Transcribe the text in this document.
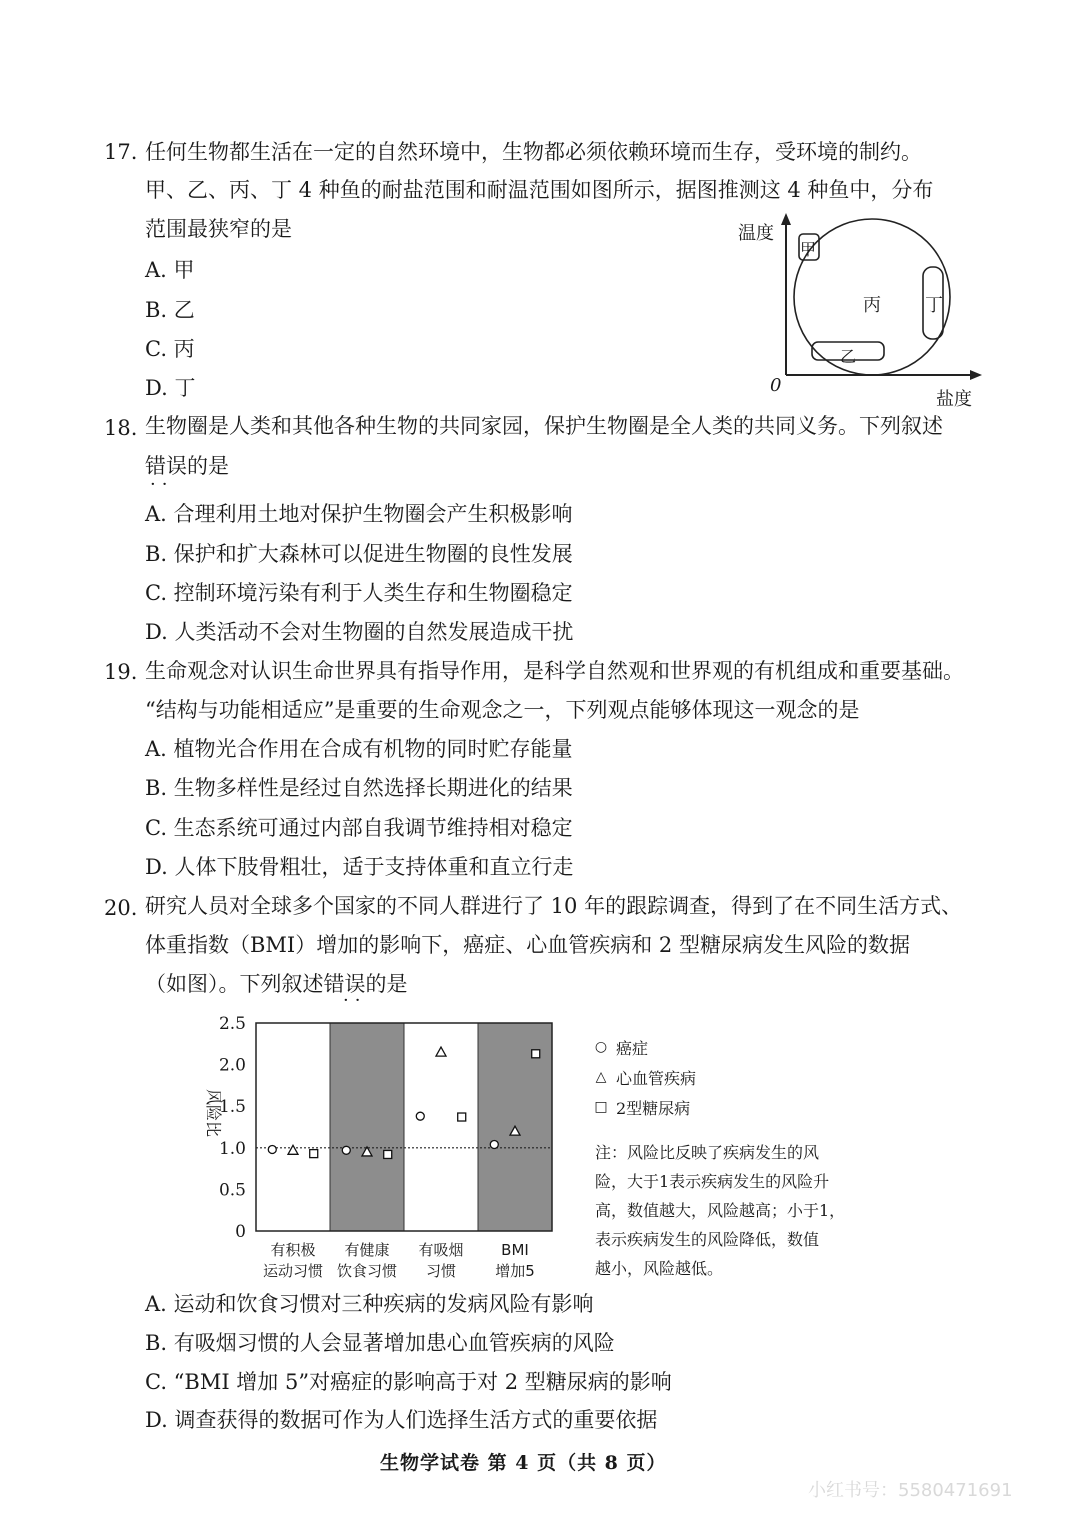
17. 任何生物都生活在一定的自然环境中，生物都必须依赖环境而生存，受环境的制约。
甲、乙、丙、丁 4 种鱼的耐盐范围和耐温范围如图所示，据图推测这 4 种鱼中，分布
范围最狭窄的是
A. 甲
B. 乙
C. 丙
D. 丁
温度
盐度
0
甲
乙
丙 丁
18. 生物圈是人类和其他各种生物的共同家园，保护生物圈是全人类的共同义务。下列叙述
错误的是
··
A. 合理利用土地对保护生物圈会产生积极影响
B. 保护和扩大森林可以促进生物圈的良性发展
C. 控制环境污染有利于人类生存和生物圈稳定
D. 人类活动不会对生物圈的自然发展造成干扰
19. 生命观念对认识生命世界具有指导作用，是科学自然观和世界观的有机组成和重要基础。
“结构与功能相适应”是重要的生命观念之一，下列观点能够体现这一观念的是
A. 植物光合作用在合成有机物的同时贮存能量
B. 生物多样性是经过自然选择长期进化的结果
C. 生态系统可通过内部自我调节维持相对稳定
D. 人体下肢骨粗壮，适于支持体重和直立行走
20. 研究人员对全球多个国家的不同人群进行了 10 年的跟踪调查，得到了在不同生活方式、
体重指数（BMI）增加的影响下，癌症、心血管疾病和 2 型糖尿病发生风险的数据
（如图）。下列叙述错误的是
··
2.5
2.0
1.5
1.0
0.5
0
风险比
有积极
运动习惯
有健康
饮食习惯
有吸烟
习惯
BMI
增加5
○ 癌症
△ 心血管疾病
□ 2型糖尿病
注：风险比反映了疾病发生的风
险，大于1表示疾病发生的风险升
高，数值越大，风险越高；小于1，
表示疾病发生的风险降低，数值
越小，风险越低。
A. 运动和饮食习惯对三种疾病的发病风险有影响
B. 有吸烟习惯的人会显著增加患心血管疾病的风险
C. “BMI 增加 5”对癌症的影响高于对 2 型糖尿病的影响
D. 调查获得的数据可作为人们选择生活方式的重要依据
生物学试卷 第 4 页（共 8 页）
小红书号：5580471691
